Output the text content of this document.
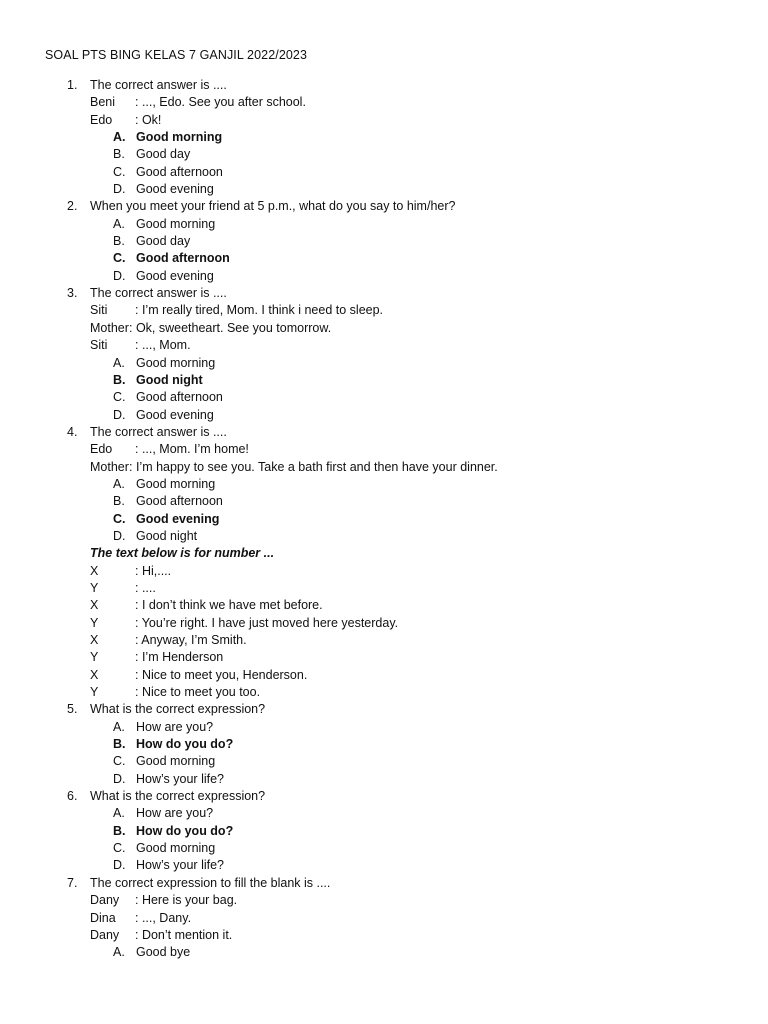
SOAL PTS BING KELAS 7 GANJIL 2022/2023
1.	The correct answer is ....
Beni	: ..., Edo. See you after school.
Edo	: Ok!
A. Good morning
B. Good day
C. Good afternoon
D. Good evening
2.	When you meet your friend at 5 p.m., what do you say to him/her?
A. Good morning
B. Good day
C. Good afternoon
D. Good evening
3.	The correct answer is ....
Siti	: I’m really tired, Mom. I think i need to sleep.
Mother : Ok, sweetheart. See you tomorrow.
Siti	: ..., Mom.
A. Good morning
B. Good night
C. Good afternoon
D. Good evening
4.	The correct answer is ....
Edo	: ..., Mom. I’m home!
Mother : I’m happy to see you. Take a bath first and then have your dinner.
A. Good morning
B. Good afternoon
C. Good evening
D. Good night
The text below is for number ...
X	: Hi,....
Y	: ....
X	: I don’t think we have met before.
Y	: You’re right. I have just moved here yesterday.
X	: Anyway, I’m Smith.
Y	: I’m Henderson
X	: Nice to meet you, Henderson.
Y	: Nice to meet you too.
5.	What is the correct expression?
A. How are you?
B. How do you do?
C. Good morning
D. How’s your life?
6.	What is the correct expression?
A. How are you?
B. How do you do?
C. Good morning
D. How’s your life?
7.	The correct expression to fill the blank is ....
Dany	: Here is your bag.
Dina	: ..., Dany.
Dany	: Don’t mention it.
A. Good bye
